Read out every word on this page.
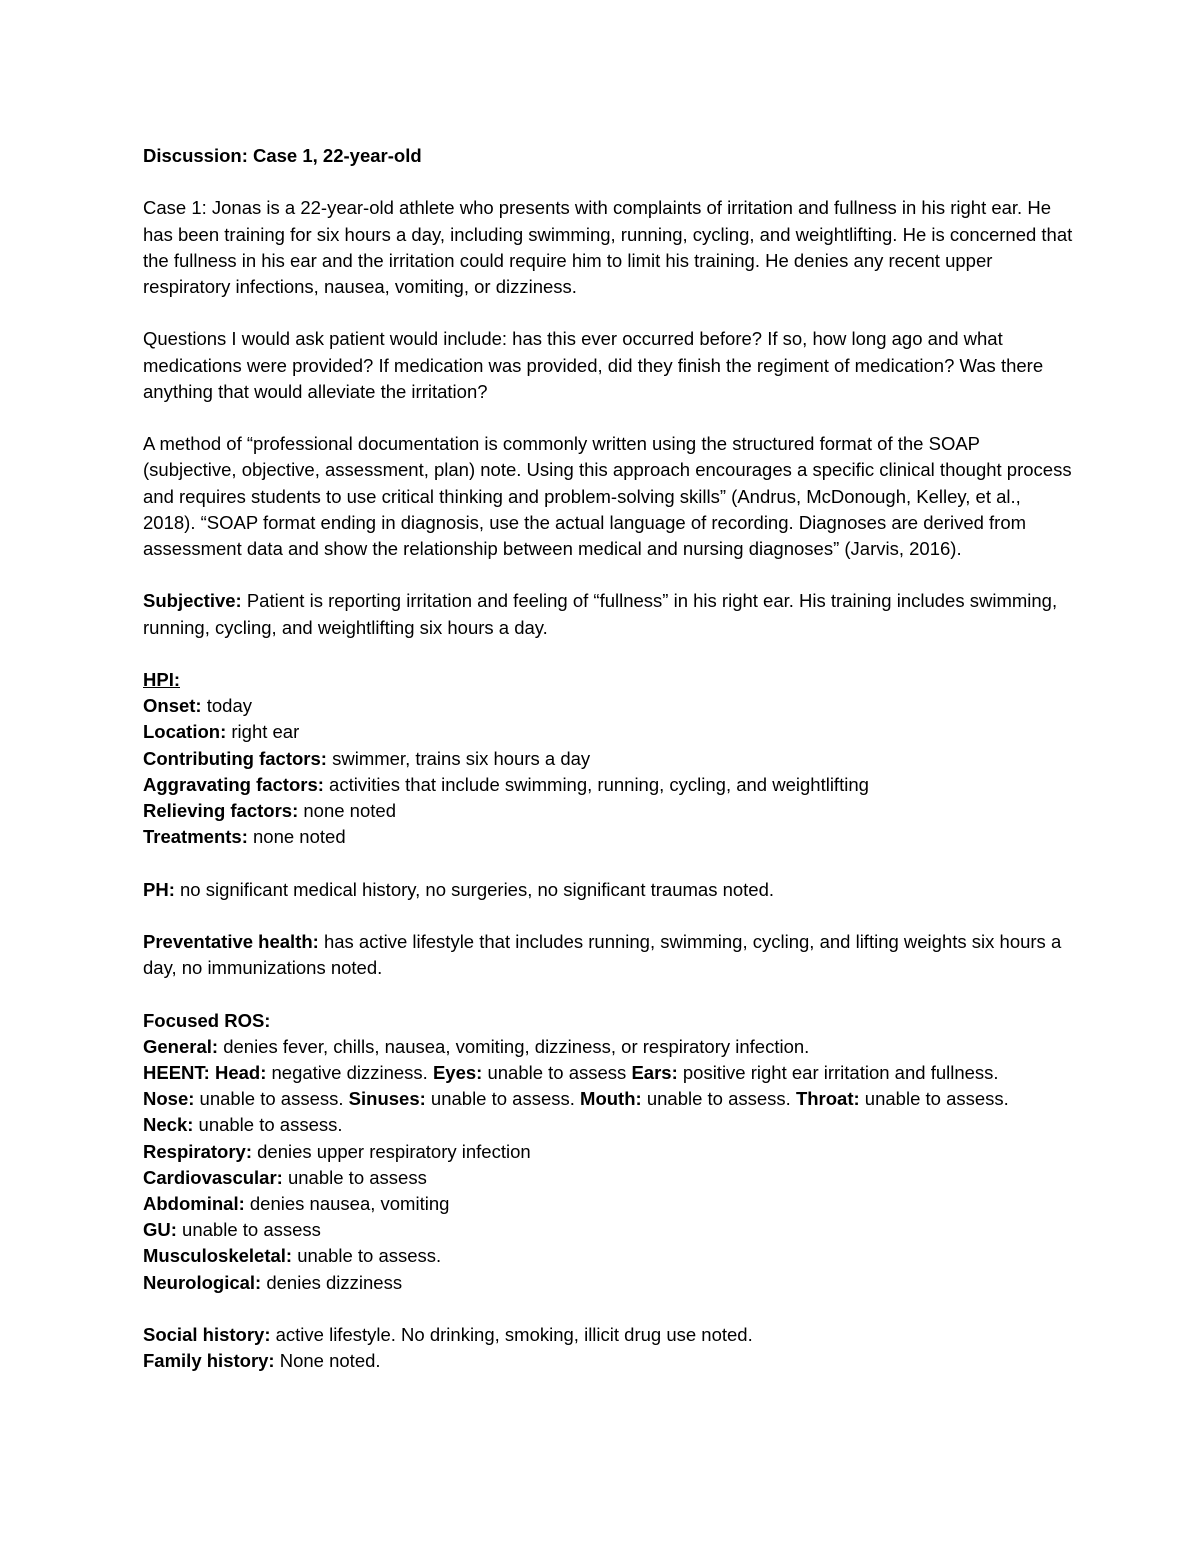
Discussion: Case 1, 22-year-old

Case 1: Jonas is a 22-year-old athlete who presents with complaints of irritation and fullness in his right ear. He has been training for six hours a day, including swimming, running, cycling, and weightlifting. He is concerned that the fullness in his ear and the irritation could require him to limit his training. He denies any recent upper respiratory infections, nausea, vomiting, or dizziness.

Questions I would ask patient would include: has this ever occurred before? If so, how long ago and what medications were provided? If medication was provided, did they finish the regiment of medication? Was there anything that would alleviate the irritation?

A method of “professional documentation is commonly written using the structured format of the SOAP (subjective, objective, assessment, plan) note. Using this approach encourages a specific clinical thought process and requires students to use critical thinking and problem-solving skills” (Andrus, McDonough, Kelley, et al., 2018). “SOAP format ending in diagnosis, use the actual language of recording. Diagnoses are derived from assessment data and show the relationship between medical and nursing diagnoses” (Jarvis, 2016).

Subjective: Patient is reporting irritation and feeling of “fullness” in his right ear. His training includes swimming, running, cycling, and weightlifting six hours a day.

HPI:

Onset: today

Location: right ear

Contributing factors: swimmer, trains six hours a day

Aggravating factors: activities that include swimming, running, cycling, and weightlifting

Relieving factors: none noted

Treatments: none noted

PH: no significant medical history, no surgeries, no significant traumas noted.

Preventative health: has active lifestyle that includes running, swimming, cycling, and lifting weights six hours a day, no immunizations noted.

Focused ROS:

General: denies fever, chills, nausea, vomiting, dizziness, or respiratory infection.

HEENT: Head: negative dizziness. Eyes: unable to assess Ears: positive right ear irritation and fullness.

Nose: unable to assess. Sinuses: unable to assess. Mouth: unable to assess. Throat: unable to assess.

Neck: unable to assess.

Respiratory: denies upper respiratory infection

Cardiovascular: unable to assess

Abdominal: denies nausea, vomiting

GU: unable to assess

Musculoskeletal: unable to assess.

Neurological: denies dizziness

Social history: active lifestyle. No drinking, smoking, illicit drug use noted.

Family history: None noted.
